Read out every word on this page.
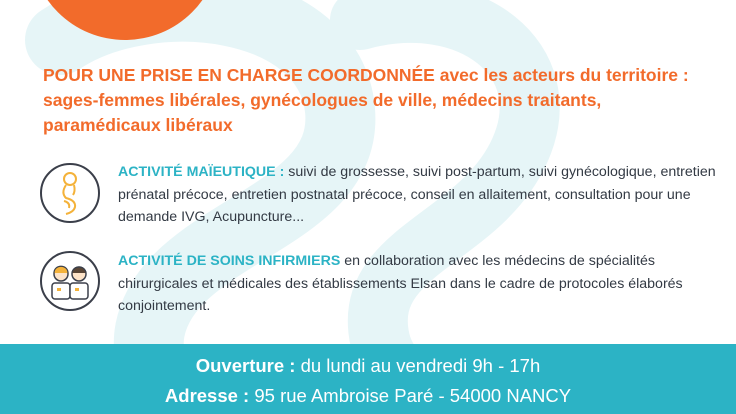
POUR UNE PRISE EN CHARGE COORDONNÉE avec les acteurs du territoire : sages-femmes libérales, gynécologues de ville, médecins traitants, paramédicaux libéraux
ACTIVITÉ MAÏEUTIQUE : suivi de grossesse, suivi post-partum, suivi gynécologique, entretien prénatal précoce, entretien postnatal précoce, conseil en allaitement, consultation pour une demande IVG, Acupuncture...
ACTIVITÉ DE SOINS INFIRMIERS en collaboration avec les médecins de spécialités chirurgicales et médicales des établissements Elsan dans le cadre de protocoles élaborés conjointement.
Ouverture : du lundi au vendredi 9h - 17h
Adresse : 95 rue Ambroise Paré - 54000 NANCY
